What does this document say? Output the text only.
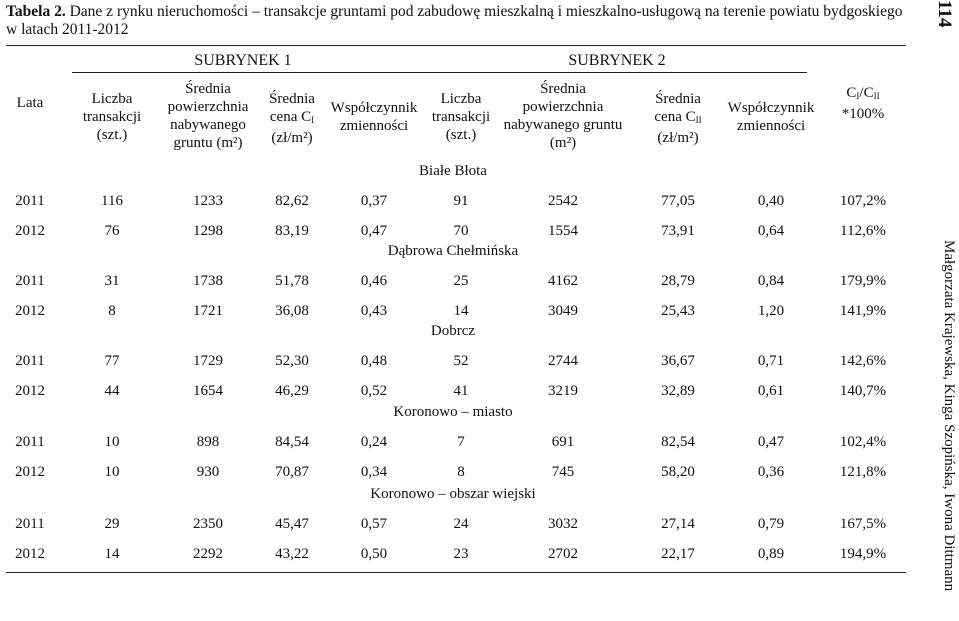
Tabela 2. Dane z rynku nieruchomości – transakcje gruntami pod zabudowę mieszkalną i mieszkalno-usługową na terenie powiatu bydgoskiego w latach 2011-2012
114
Małgorzata Krajewska, Kinga Szopińska, Iwona Dittmann
Lata
SUBRYNEK 1	SUBRYNEK 2
Liczba
transakcji
(szt.)
Średnia
powierzchnia
nabywanego
gruntu (m²)
Średnia
cena $C_I$
(zł/m²)
Współczynnik
zmienności
Liczba
transakcji
(szt.)
Średnia
powierzchnia
nabywanego gruntu
(m²)
Średnia
cena $C_{II}$
(zł/m²)
Współczynnik
zmienności
$C_I/C_{II}$
*100%
Białe Błota
2011	116	1233	82,62	0,37	91	2542	77,05	0,40	107,2%
2012	76	1298	83,19	0,47	70	1554	73,91	0,64	112,6%
Dąbrowa Chełmińska
2011	31	1738	51,78	0,46	25	4162	28,79	0,84	179,9%
2012	8	1721	36,08	0,43	14	3049	25,43	1,20	141,9%
Dobrcz
2011	77	1729	52,30	0,48	52	2744	36,67	0,71	142,6%
2012	44	1654	46,29	0,52	41	3219	32,89	0,61	140,7%
Koronowo – miasto
2011	10	898	84,54	0,24	7	691	82,54	0,47	102,4%
2012	10	930	70,87	0,34	8	745	58,20	0,36	121,8%
Koronowo – obszar wiejski
2011	29	2350	45,47	0,57	24	3032	27,14	0,79	167,5%
2012	14	2292	43,22	0,50	23	2702	22,17	0,89	194,9%
